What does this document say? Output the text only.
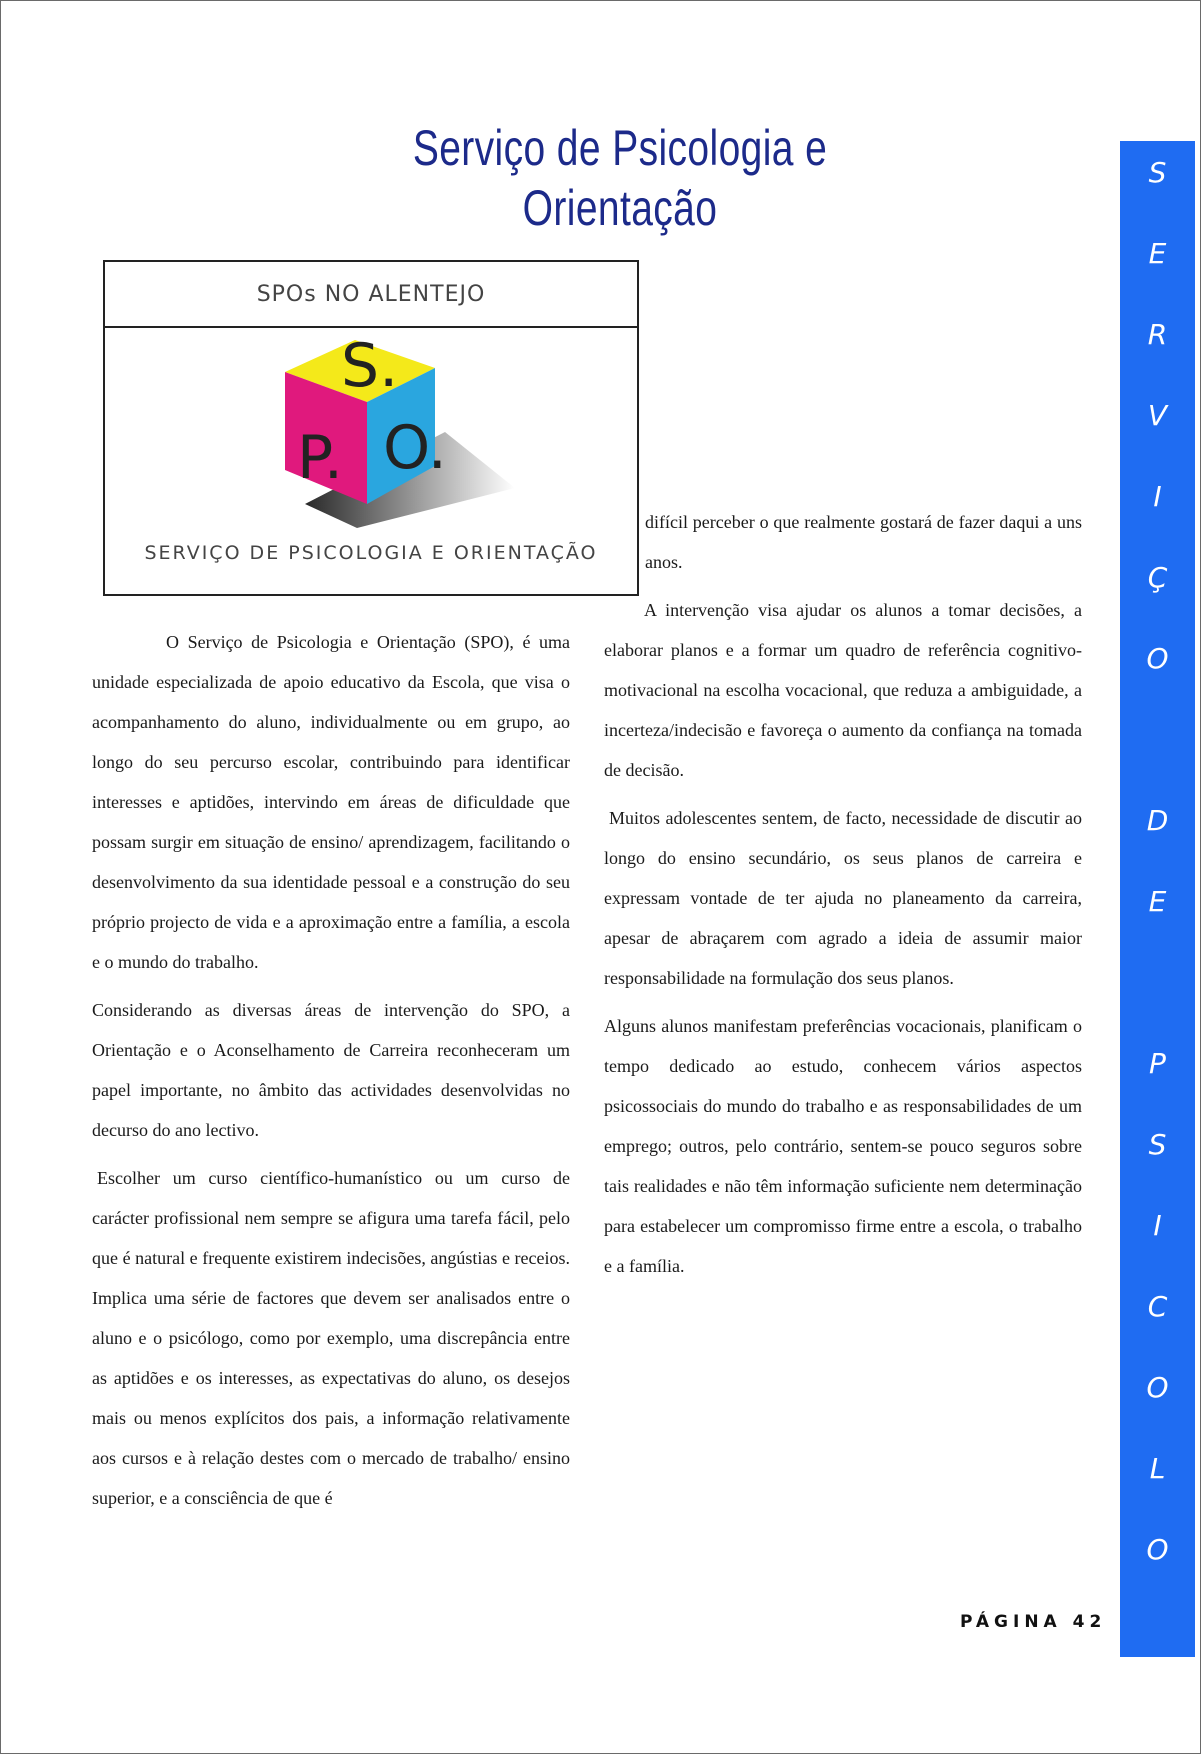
Serviço de Psicologia e Orientação
SPOs NO ALENTEJO
S.
P. O.
SERVIÇO DE PSICOLOGIA E ORIENTAÇÃO

O Serviço de Psicologia e Orientação (SPO), é uma unidade especializada de apoio educativo da Escola, que visa o acompanhamento do aluno, individualmente ou em grupo, ao longo do seu percurso escolar, contribuindo para identificar interesses e aptidões, intervindo em áreas de dificuldade que possam surgir em situação de ensino/ aprendizagem, facilitando o desenvolvimento da sua identidade pessoal e a construção do seu próprio projecto de vida e a aproximação entre a família, a escola e o mundo do trabalho.

Considerando as diversas áreas de intervenção do SPO, a Orientação e o Aconselhamento de Carreira reconheceram um papel importante, no âmbito das actividades desenvolvidas no decurso do ano lectivo.

Escolher um curso científico-humanístico ou um curso de carácter profissional nem sempre se afigura uma tarefa fácil, pelo que é natural e frequente existirem indecisões, angústias e receios. Implica uma série de factores que devem ser analisados entre o aluno e o psicólogo, como por exemplo, uma discrepância entre as aptidões e os interesses, as expectativas do aluno, os desejos mais ou menos explícitos dos pais, a informação relativamente aos cursos e à relação destes com o mercado de trabalho/ ensino superior, e a consciência de que é

difícil perceber o que realmente gostará de fazer daqui a uns anos.

A intervenção visa ajudar os alunos a tomar decisões, a elaborar planos e a formar um quadro de referência cognitivo-motivacional na escolha vocacional, que reduza a ambiguidade, a incerteza/indecisão e favoreça o aumento da confiança na tomada de decisão.

Muitos adolescentes sentem, de facto, necessidade de discutir ao longo do ensino secundário, os seus planos de carreira e expressam vontade de ter ajuda no planeamento da carreira, apesar de abraçarem com agrado a ideia de assumir maior responsabilidade na formulação dos seus planos.

Alguns alunos manifestam preferências vocacionais, planificam o tempo dedicado ao estudo, conhecem vários aspectos psicossociais do mundo do trabalho e as responsabilidades de um emprego; outros, pelo contrário, sentem-se pouco seguros sobre tais realidades e não têm informação suficiente nem determinação para estabelecer um compromisso firme entre a escola, o trabalho e a família.

S
E
R
V
I
Ç
O
D
E
P
S
I
C
O
L
O
PÁGINA 42
